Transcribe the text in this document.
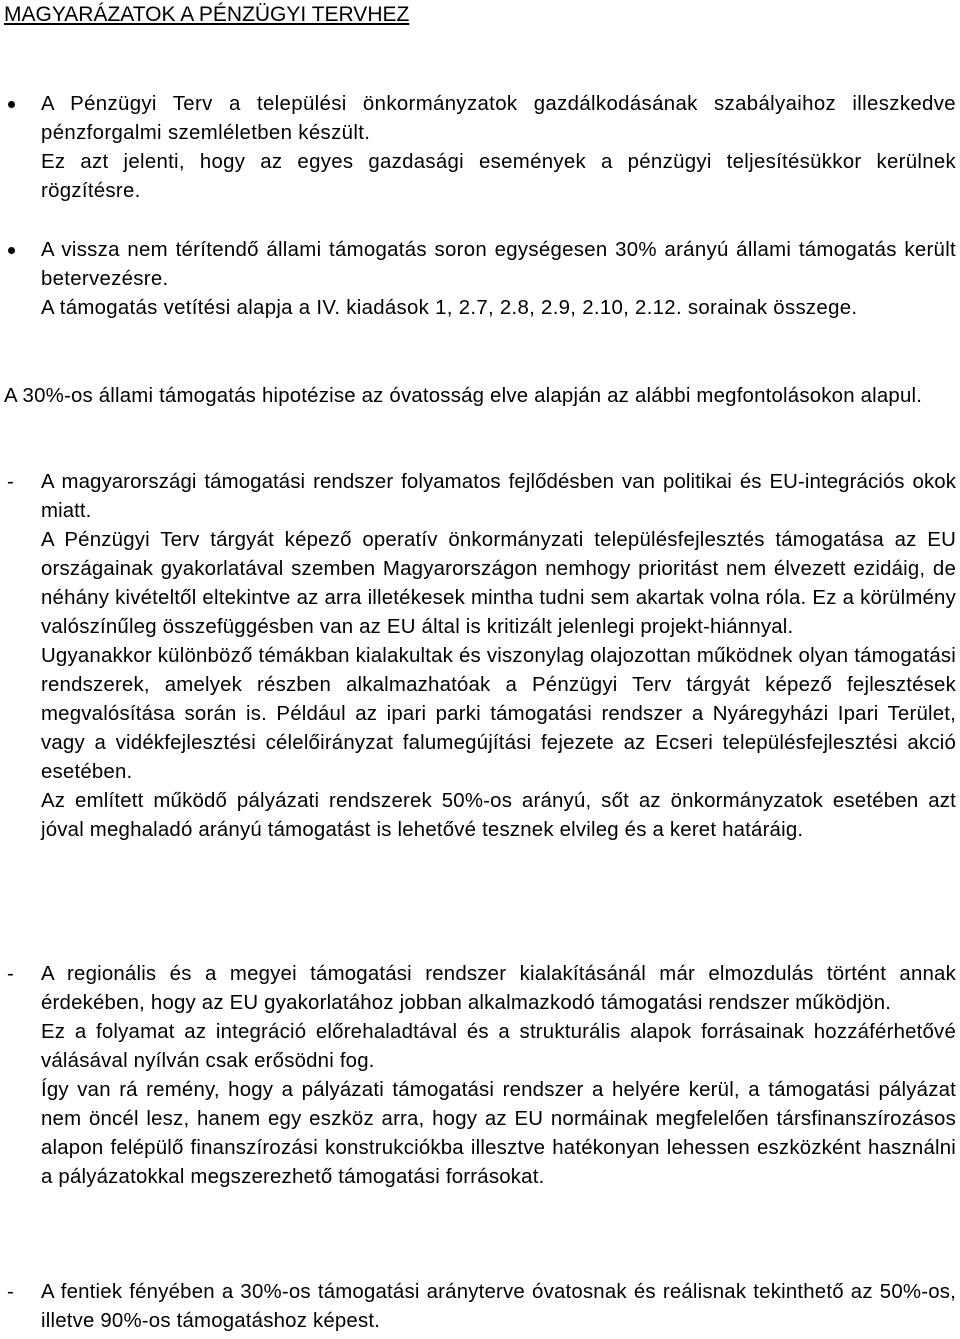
MAGYARÁZATOK A PÉNZÜGYI TERVHEZ

A Pénzügyi Terv a települési önkormányzatok gazdálkodásának szabályaihoz illeszkedve pénzforgalmi szemléletben készült.

Ez azt jelenti, hogy az egyes gazdasági események a pénzügyi teljesítésükkor kerülnek rögzítésre.

A vissza nem térítendő állami támogatás soron egységesen 30% arányú állami támogatás került betervezésre.

A támogatás vetítési alapja a IV. kiadások 1, 2.7, 2.8, 2.9, 2.10, 2.12. sorainak összege.

A 30%-os állami támogatás hipotézise az óvatosság elve alapján az alábbi megfontolásokon alapul.

- A magyarországi támogatási rendszer folyamatos fejlődésben van politikai és EU-integrációs okok miatt.

A Pénzügyi Terv tárgyát képező operatív önkormányzati településfejlesztés támogatása az EU országainak gyakorlatával szemben Magyarországon nemhogy prioritást nem élvezett ezidáig, de néhány kivételtől eltekintve az arra illetékesek mintha tudni sem akartak volna róla. Ez a körülmény valószínűleg összefüggésben van az EU által is kritizált jelenlegi projekt-hiánnyal.

Ugyanakkor különböző témákban kialakultak és viszonylag olajozottan működnek olyan támogatási rendszerek, amelyek részben alkalmazhatóak a Pénzügyi Terv tárgyát képező fejlesztések megvalósítása során is. Például az ipari parki támogatási rendszer a Nyáregyházi Ipari Terület, vagy a vidékfejlesztési célelőirányzat falumegújítási fejezete az Ecseri településfejlesztési akció esetében.

Az említett működő pályázati rendszerek 50%-os arányú, sőt az önkormányzatok esetében azt jóval meghaladó arányú támogatást is lehetővé tesznek elvileg és a keret határáig.

- A regionális és a megyei támogatási rendszer kialakításánál már elmozdulás történt annak érdekében, hogy az EU gyakorlatához jobban alkalmazkodó támogatási rendszer működjön.

Ez a folyamat az integráció előrehaladtával és a strukturális alapok forrásainak hozzáférhetővé válásával nyílván csak erősödni fog.

Így van rá remény, hogy a pályázati támogatási rendszer a helyére kerül, a támogatási pályázat nem öncél lesz, hanem egy eszköz arra, hogy az EU normáinak megfelelően társfinanszírozásos alapon felépülő finanszírozási konstrukciókba illesztve hatékonyan lehessen eszközként használni a pályázatokkal megszerezhető támogatási forrásokat.

- A fentiek fényében a 30%-os támogatási arányterve óvatosnak és reálisnak tekinthető az 50%-os, illetve 90%-os támogatáshoz képest.
